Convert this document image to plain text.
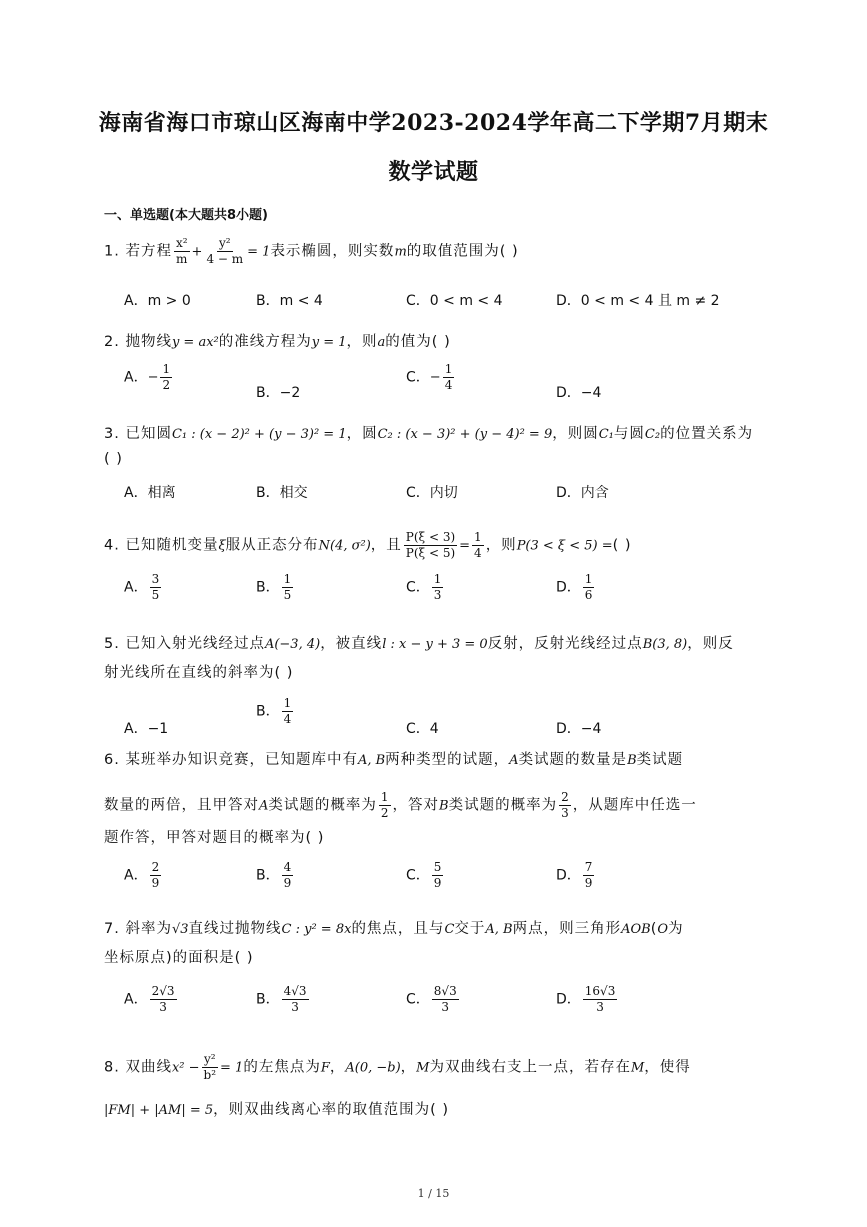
海南省海口市琼山区海南中学2023-2024学年高二下学期7月期末
数学试题
一、单选题(本大题共8小题)
1. 若方程 $\frac{\text{x²}}{m} + \frac{\text{y²}}{4 - m} = 1$表示椭圆，则实数m的取值范围为( )
A．m > 0	B．m < 4	C．0 < m < 4	D．0 < m < 4 且 m ≠ 2
2. 抛物线y = ax²的准线方程为y = 1，则a的值为( )
A．− $\frac{1}{2}$	B．−2
C．− $\frac{1}{4}$	D．−4
3. 已知圆C₁ : (x − 2)² + (y − 3)² = 1，圆C₂ : (x − 3)² + (y − 4)² = 9，则圆C₁与圆C₂的位置关系为
( )
A．相离	B．相交	C．内切	D．内含
4. 已知随机变量ξ服从正态分布N(4, σ²)，且 $\frac{P(\xi < 3)}{P(\xi < 5)} = \frac{1}{4}$ ，则P(3 < ξ < 5) =( )
A． $\frac{3}{5}$	B． $\frac{1}{5}$	C． $\frac{1}{3}$	D． $\frac{1}{6}$
5. 已知入射光线经过点A(−3, 4)，被直线l : x − y + 3 = 0反射，反射光线经过点B(3, 8)，则反
射光线所在直线的斜率为( )
A．−1
B． $\frac{1}{4}$
C．4	D．−4
6. 某班举办知识竞赛，已知题库中有A, B两种类型的试题，A类试题的数量是B类试题
数量的两倍，且甲答对A类试题的概率为 $\frac{1}{2}$ ，答对B类试题的概率为 $\frac{2}{3}$ ，从题库中任选一
题作答，甲答对题目的概率为( )
A． $\frac{2}{9}$	B． $\frac{4}{9}$	C． $\frac{5}{9}$	D． $\frac{7}{9}$
7. 斜率为√3直线过抛物线C : y² = 8x的焦点，且与C交于A, B两点，则三角形AOB(O为
坐标原点)的面积是( )
A． $\frac{2√3}{3}$	B． $\frac{4√3}{3}$	C． $\frac{8√3}{3}$	D． $\frac{16√3}{3}$
8. 双曲线$x^2 - \frac{\text{y²}}{\text{b²}} = 1$的左焦点为F，A(0, −b)，M为双曲线右支上一点，若存在M，使得
|FM| + |AM| = 5，则双曲线离心率的取值范围为( )
1 / 15
